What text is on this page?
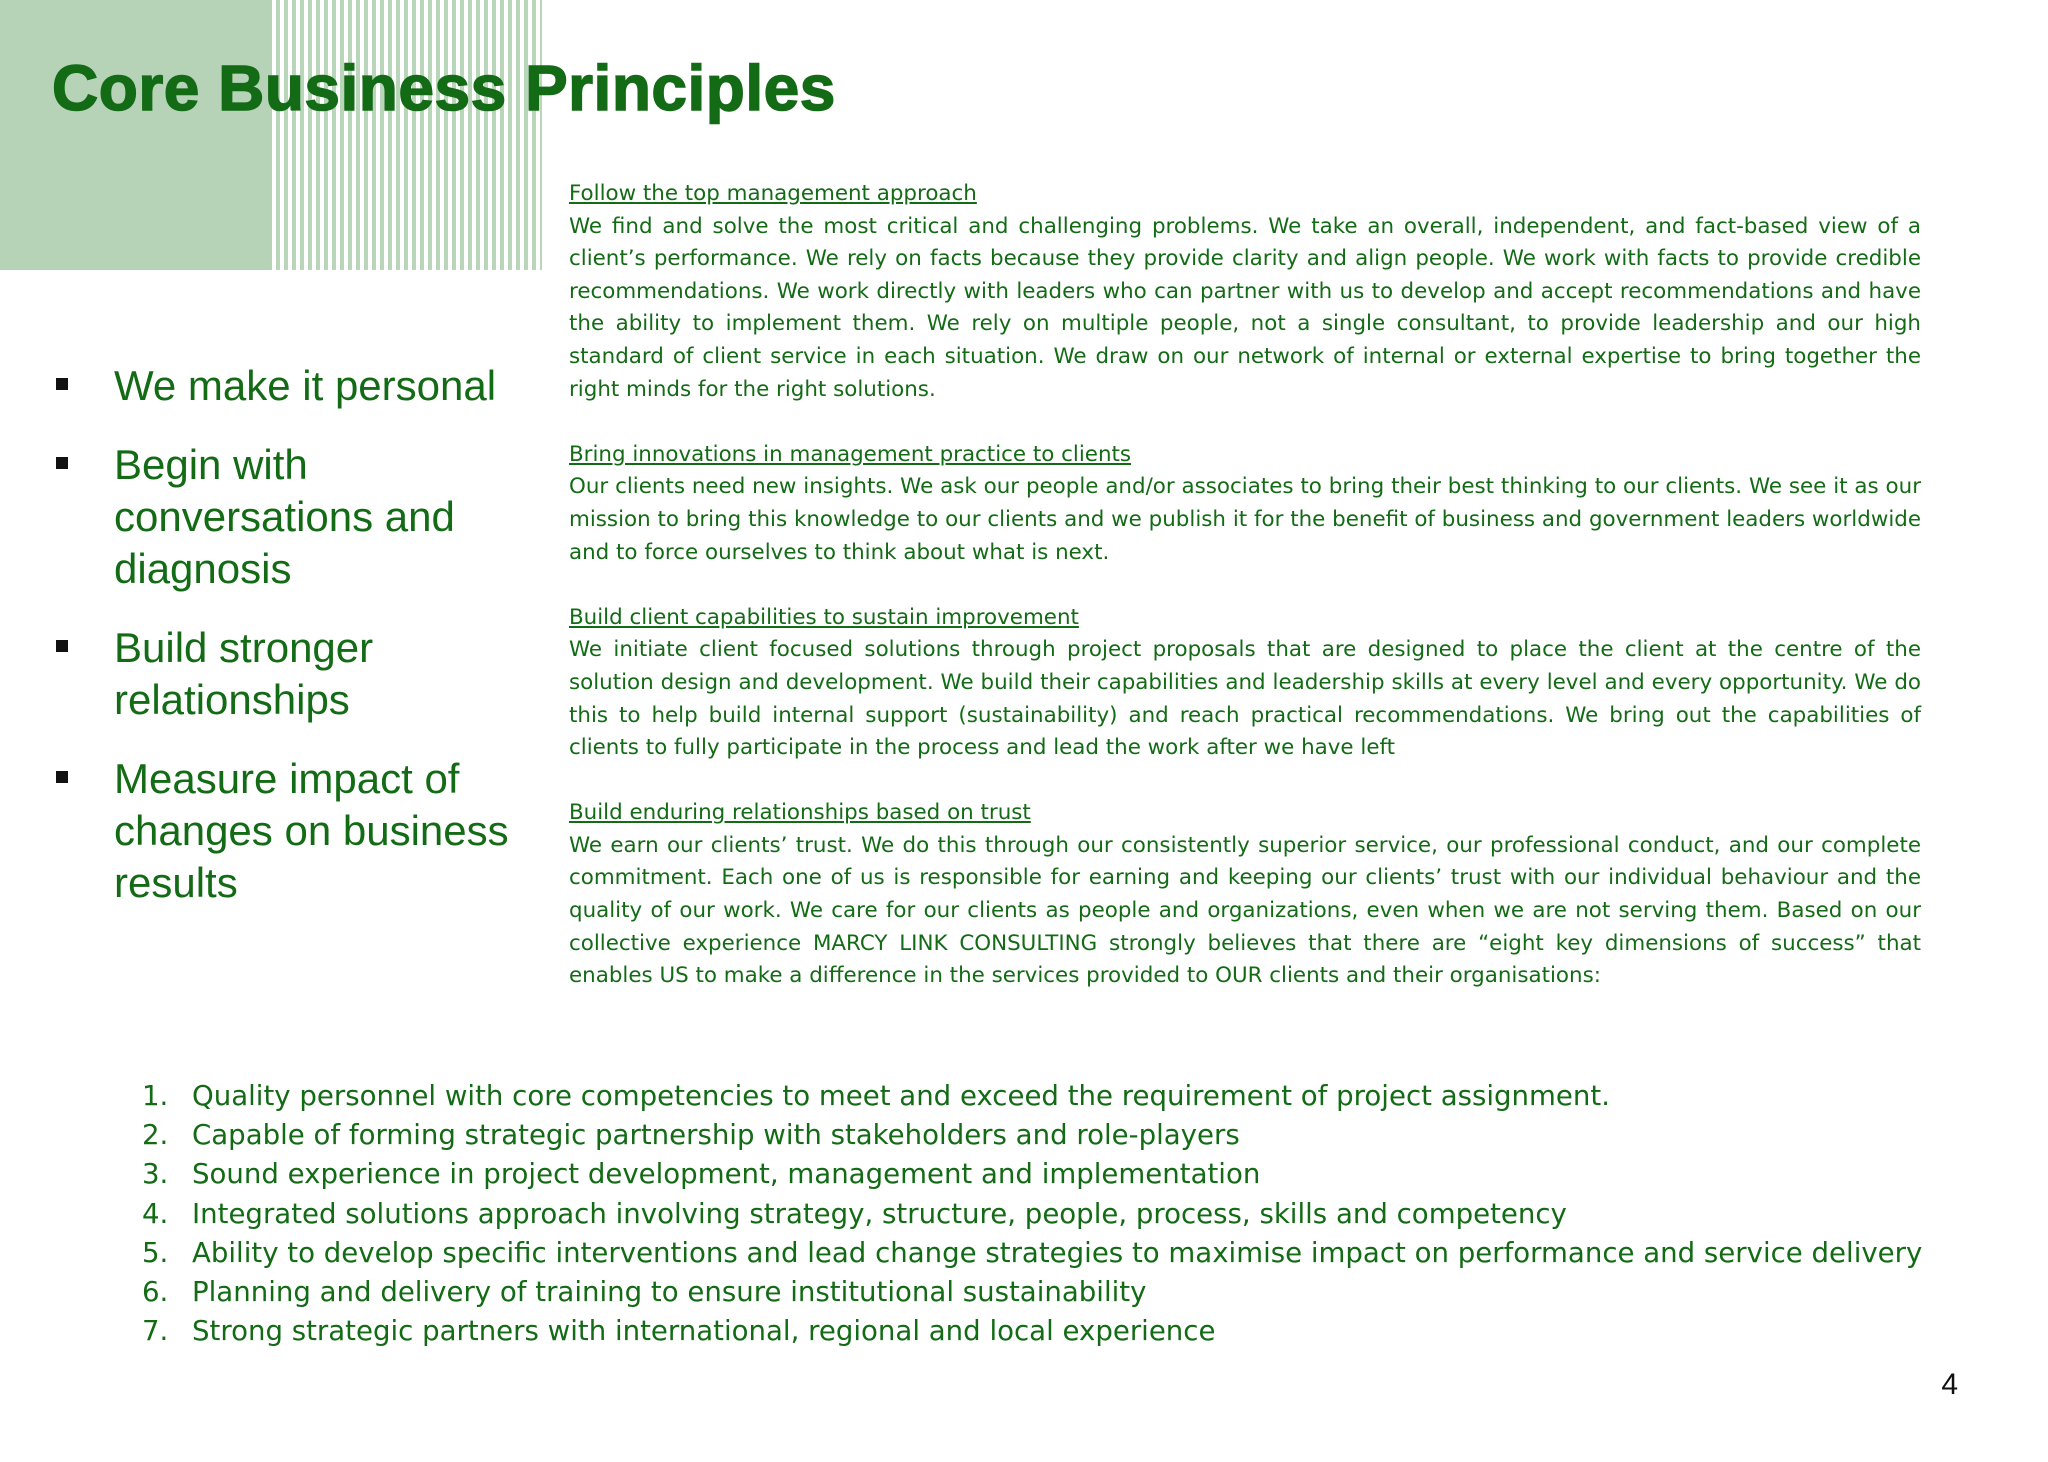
Core Business Principles
We make it personal
Begin with conversations and diagnosis
Build stronger relationships
Measure impact of changes on business results
Follow the top management approach
We find and solve the most critical and challenging problems. We take an overall, independent, and fact-based view of a client’s performance. We rely on facts because they provide clarity and align people. We work with facts to provide credible recommendations. We work directly with leaders who can partner with us to develop and accept recommendations and have the ability to implement them. We rely on multiple people, not a single consultant, to provide leadership and our high standard of client service in each situation. We draw on our network of internal or external expertise to bring together the right minds for the right solutions.
Bring innovations in management practice to clients
Our clients need new insights. We ask our people and/or associates to bring their best thinking to our clients. We see it as our mission to bring this knowledge to our clients and we publish it for the benefit of business and government leaders worldwide and to force ourselves to think about what is next.
Build client capabilities to sustain improvement
We initiate client focused solutions through project proposals that are designed to place the client at the centre of the solution design and development. We build their capabilities and leadership skills at every level and every opportunity. We do this to help build internal support (sustainability) and reach practical recommendations. We bring out the capabilities of clients to fully participate in the process and lead the work after we have left
Build enduring relationships based on trust
We earn our clients’ trust. We do this through our consistently superior service, our professional conduct, and our complete commitment. Each one of us is responsible for earning and keeping our clients’ trust with our individual behaviour and the quality of our work. We care for our clients as people and organizations, even when we are not serving them. Based on our collective experience MARCY LINK CONSULTING strongly believes that there are “eight key dimensions of success” that enables US to make a difference in the services provided to OUR clients and their organisations:
1. Quality personnel with core competencies to meet and exceed the requirement of project assignment.
2. Capable of forming strategic partnership with stakeholders and role-players
3. Sound experience in project development, management and implementation
4. Integrated solutions approach involving strategy, structure, people, process, skills and competency
5. Ability to develop specific interventions and lead change strategies to maximise impact on performance and service delivery
6. Planning and delivery of training to ensure institutional sustainability
7. Strong strategic partners with international, regional and local experience
4
